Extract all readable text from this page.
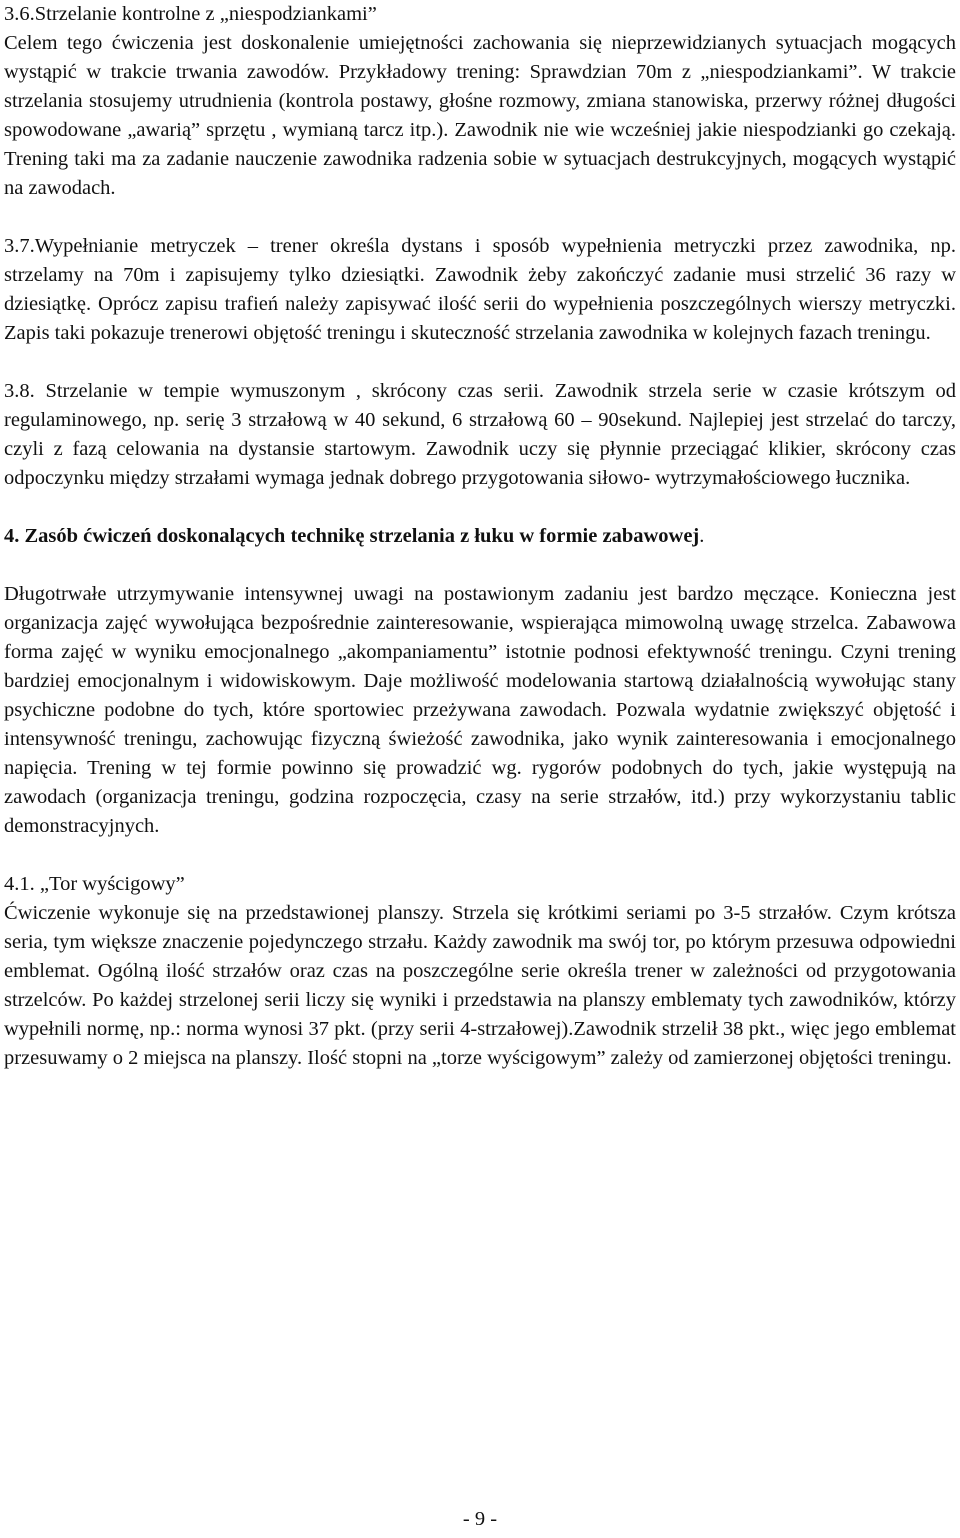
3.6.Strzelanie kontrolne z „niespodziankami”

Celem tego ćwiczenia jest doskonalenie umiejętności zachowania się nieprzewidzianych sytuacjach mogących wystąpić w trakcie trwania zawodów. Przykładowy trening: Sprawdzian 70m z „niespodziankami”. W trakcie strzelania stosujemy utrudnienia (kontrola postawy, głośne rozmowy, zmiana stanowiska, przerwy różnej długości spowodowane „awarią” sprzętu , wymianą tarcz itp.). Zawodnik nie wie wcześniej jakie niespodzianki go czekają. Trening taki ma za zadanie nauczenie zawodnika radzenia sobie w sytuacjach destrukcyjnych, mogących wystąpić na zawodach.

3.7.Wypełnianie metryczek – trener określa dystans i sposób wypełnienia metryczki przez zawodnika, np. strzelamy na 70m i zapisujemy tylko dziesiątki. Zawodnik żeby zakończyć zadanie musi strzelić 36 razy w dziesiątkę. Oprócz zapisu trafień należy zapisywać ilość serii do wypełnienia poszczególnych wierszy metryczki. Zapis taki pokazuje trenerowi objętość treningu i skuteczność strzelania zawodnika w kolejnych fazach treningu.

3.8. Strzelanie w tempie wymuszonym , skrócony czas serii. Zawodnik strzela serie w czasie krótszym od regulaminowego, np. serię 3 strzałową w 40 sekund, 6 strzałową 60 – 90sekund. Najlepiej jest strzelać do tarczy, czyli z fazą celowania na dystansie startowym. Zawodnik uczy się płynnie przeciągać klikier, skrócony czas odpoczynku między strzałami wymaga jednak dobrego przygotowania siłowo- wytrzymałościowego łucznika.

4. Zasób ćwiczeń doskonalących technikę strzelania z łuku w formie zabawowej.

Długotrwałe utrzymywanie intensywnej uwagi na postawionym zadaniu jest bardzo męczące. Konieczna jest organizacja zajęć wywołująca bezpośrednie zainteresowanie, wspierająca mimowolną uwagę strzelca. Zabawowa forma zajęć w wyniku emocjonalnego „akompaniamentu” istotnie podnosi efektywność treningu. Czyni trening bardziej emocjonalnym i widowiskowym. Daje możliwość modelowania startową działalnością wywołując stany psychiczne podobne do tych, które sportowiec przeżywana zawodach. Pozwala wydatnie zwiększyć objętość i intensywność treningu, zachowując fizyczną świeżość zawodnika, jako wynik zainteresowania i emocjonalnego napięcia. Trening w tej formie powinno się prowadzić wg. rygorów podobnych do tych, jakie występują na zawodach (organizacja treningu, godzina rozpoczęcia, czasy na serie strzałów, itd.) przy wykorzystaniu tablic demonstracyjnych.

4.1. „Tor wyścigowy”

Ćwiczenie wykonuje się na przedstawionej planszy. Strzela się krótkimi seriami po 3-5 strzałów. Czym krótsza seria, tym większe znaczenie pojedynczego strzału. Każdy zawodnik ma swój tor, po którym przesuwa odpowiedni emblemat. Ogólną ilość strzałów oraz czas na poszczególne serie określa trener w zależności od przygotowania strzelców. Po każdej strzelonej serii liczy się wyniki i przedstawia na planszy emblematy tych zawodników, którzy wypełnili normę, np.: norma wynosi 37 pkt. (przy serii 4-strzałowej).Zawodnik strzelił 38 pkt., więc jego emblemat przesuwamy o 2 miejsca na planszy. Ilość stopni na „torze wyścigowym” zależy od zamierzonej objętości treningu.

- 9 -
